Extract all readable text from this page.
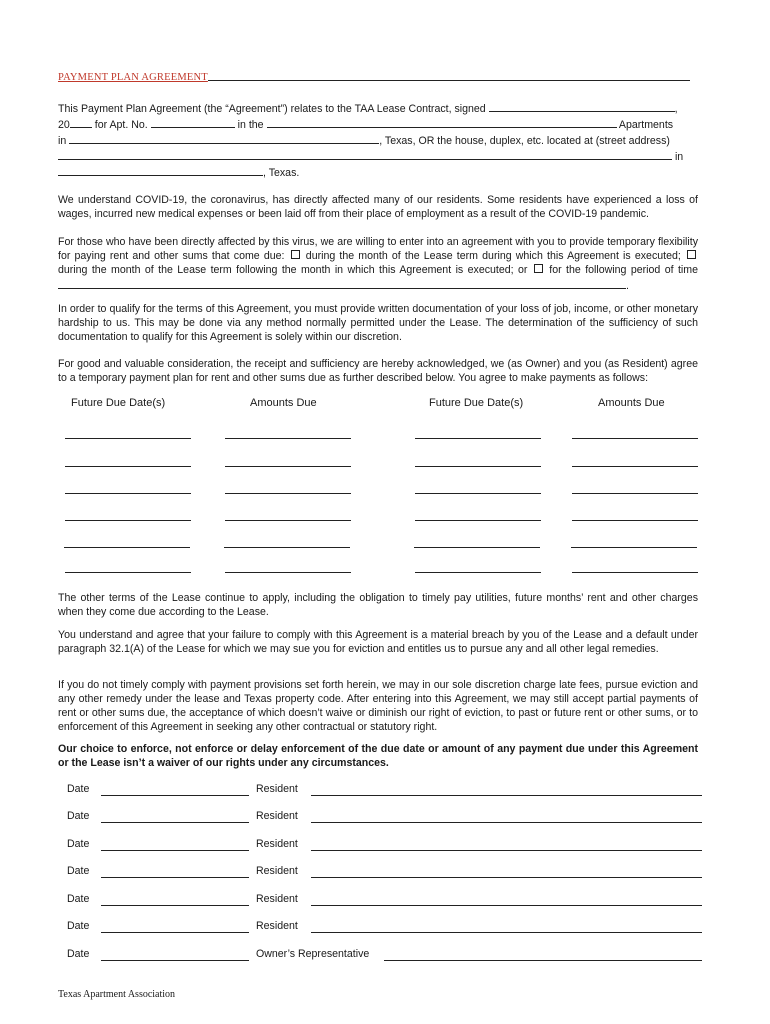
PAYMENT PLAN AGREEMENT
This Payment Plan Agreement (the “Agreement”) relates to the TAA Lease Contract, signed	,
20 for Apt. No.	in the	Apartments
in	, Texas, OR the house, duplex, etc. located at (street address)
in
, Texas.
We understand COVID-19, the coronavirus, has directly affected many of our residents. Some residents have experienced a loss of wages, incurred new medical expenses or been laid off from their place of employment as a result of the COVID-19 pandemic.
For those who have been directly affected by this virus, we are willing to enter into an agreement with you to provide temporary flexibility for paying rent and other sums that come due: during the month of the Lease term during which this Agreement is executed;  during the month of the Lease term following the month in which this Agreement is executed; or for the following period of time.
In order to qualify for the terms of this Agreement, you must provide written documentation of your loss of job, income, or other monetary hardship to us. This may be done via any method normally permitted under the Lease. The determination of the sufficiency of such documentation to qualify for this Agreement is solely within our discretion.
For good and valuable consideration, the receipt and sufficiency are hereby acknowledged, we (as Owner) and you (as Resident) agree to a temporary payment plan for rent and other sums due as further described below. You agree to make payments as follows:
Future Due Date(s)	Amounts Due	Future Due Date(s)	Amounts Due
The other terms of the Lease continue to apply, including the obligation to timely pay utilities, future months’ rent and other charges when they come due according to the Lease.
You understand and agree that your failure to comply with this Agreement is a material breach by you of the Lease and a default under paragraph 32.1(A) of the Lease for which we may sue you for eviction and entitles us to pursue any and all other legal remedies.
If you do not timely comply with payment provisions set forth herein, we may in our sole discretion charge late fees, pursue eviction and any other remedy under the lease and Texas property code. After entering into this Agreement, we may still accept partial payments of rent or other sums due, the acceptance of which doesn’t waive or diminish our right of eviction, to past or future rent or other sums, or to enforcement of this Agreement in seeking any other contractual or statutory right.
Our choice to enforce, not enforce or delay enforcement of the due date or amount of any payment due under this Agreement or the Lease isn’t a waiver of our rights under any circumstances.
Date	Resident
Date	Resident
Date	Resident
Date	Resident
Date	Resident
Date	Resident
Date	Owner’s Representative
Texas Apartment Association
